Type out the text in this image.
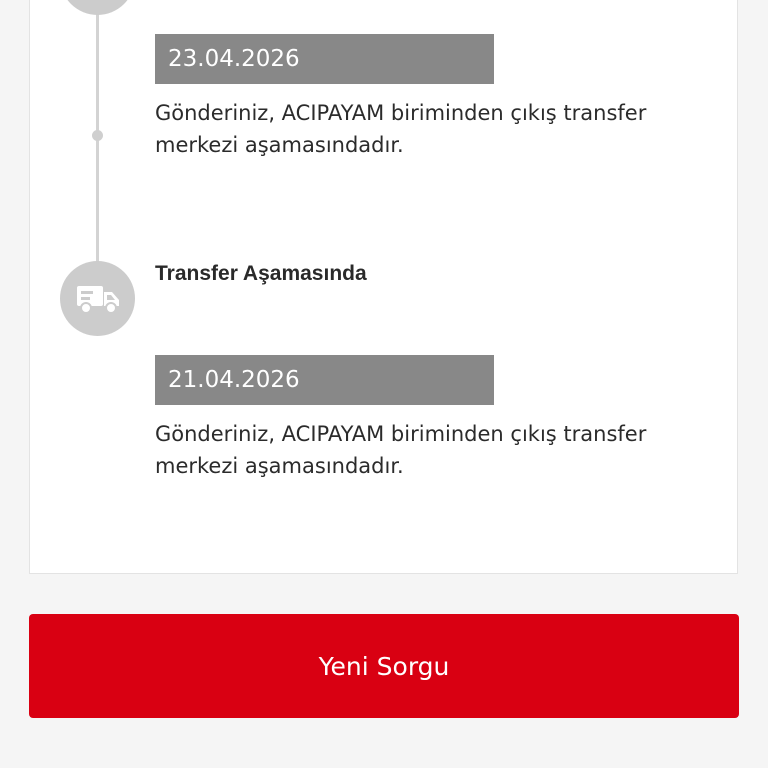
23.04.2026
Gönderiniz, ACIPAYAM biriminden çıkış transfer merkezi aşamasındadır.
Transfer Aşamasında
21.04.2026
Gönderiniz, ACIPAYAM biriminden çıkış transfer merkezi aşamasındadır.
Yeni Sorgu
